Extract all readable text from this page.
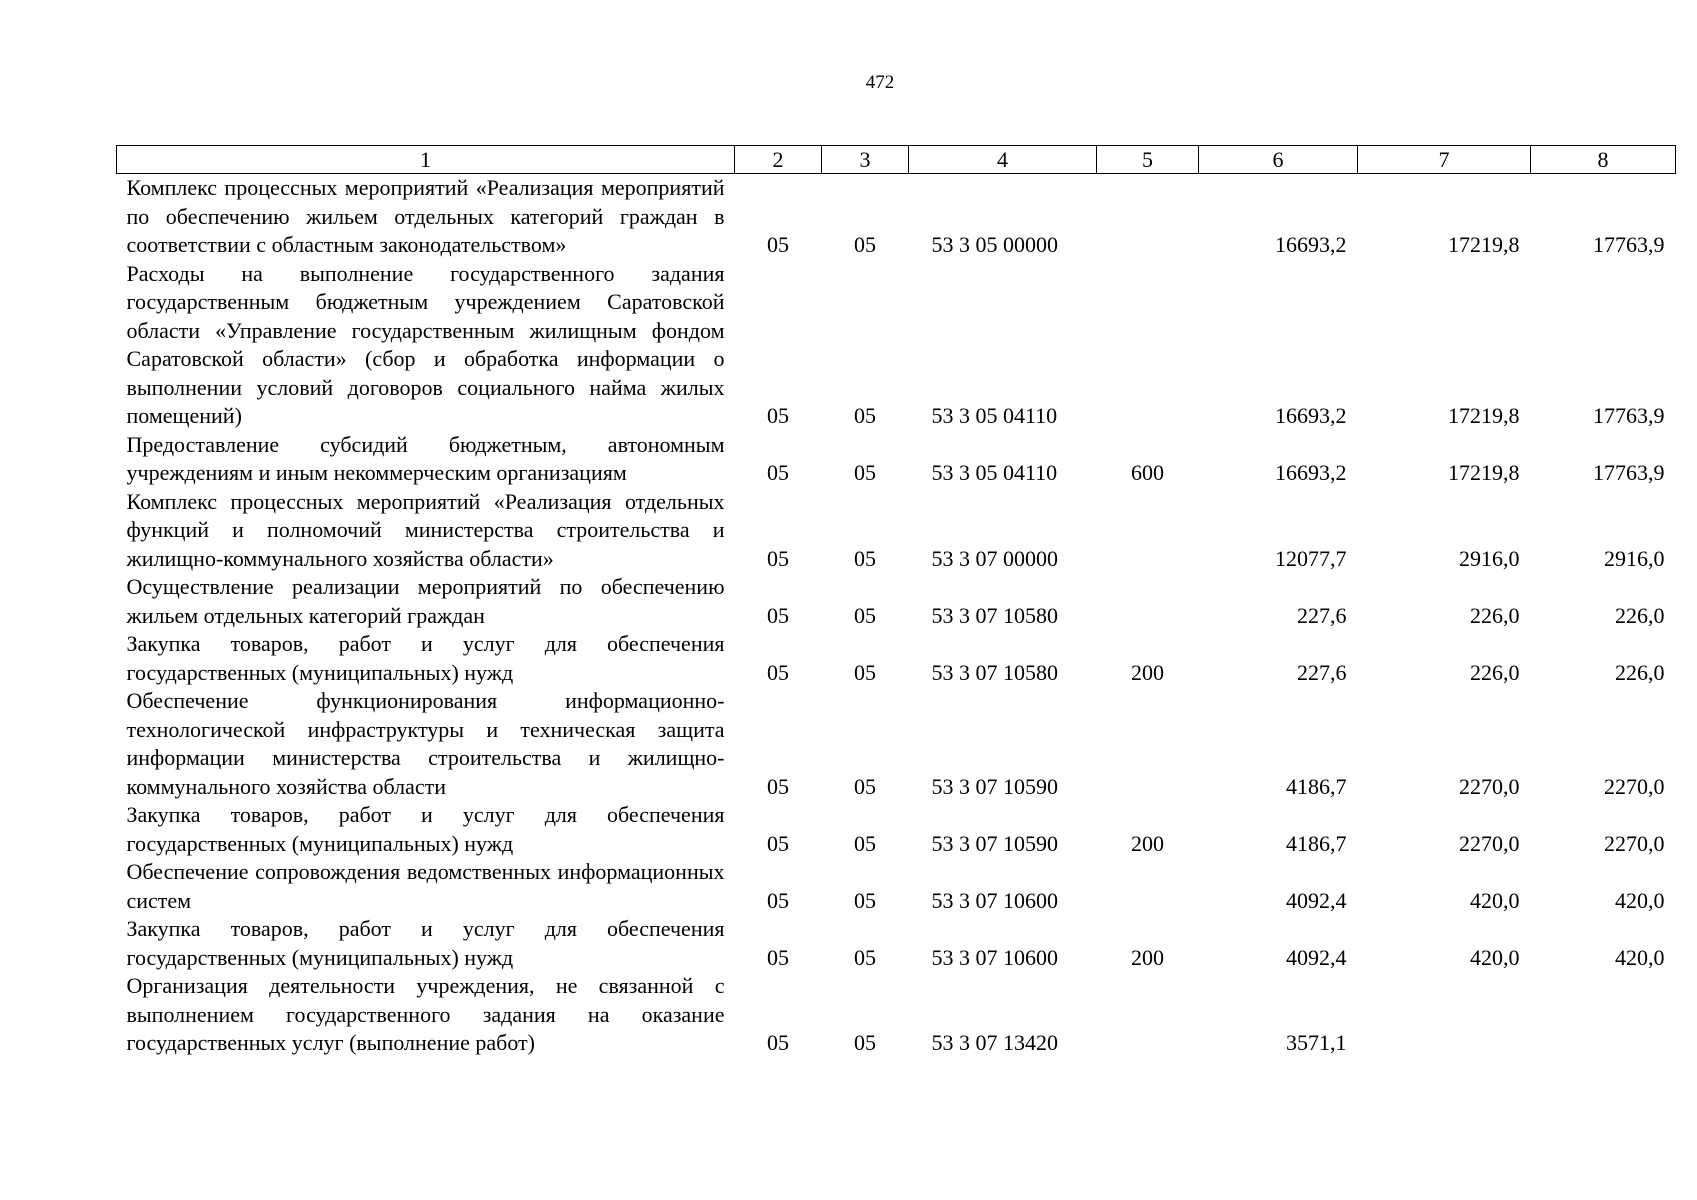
472
1	2	3	4	5	6	7	8
Комплекс процессных мероприятий «Реализация мероприятий по обеспечению жильем отдельных категорий граждан в соответствии с областным законодательством»	05	05	53 3 05 00000		16693,2	17219,8	17763,9
Расходы на выполнение государственного задания государственным бюджетным учреждением Саратовской области «Управление государственным жилищным фондом Саратовской области» (сбор и обработка информации о выполнении условий договоров социального найма жилых помещений)	05	05	53 3 05 04110		16693,2	17219,8	17763,9
Предоставление субсидий бюджетным, автономным учреждениям и иным некоммерческим организациям	05	05	53 3 05 04110	600	16693,2	17219,8	17763,9
Комплекс процессных мероприятий «Реализация отдельных функций и полномочий министерства строительства и жилищно-коммунального хозяйства области»	05	05	53 3 07 00000		12077,7	2916,0	2916,0
Осуществление реализации мероприятий по обеспечению жильем отдельных категорий граждан	05	05	53 3 07 10580		227,6	226,0	226,0
Закупка товаров, работ и услуг для обеспечения государственных (муниципальных) нужд	05	05	53 3 07 10580	200	227,6	226,0	226,0
Обеспечение функционирования информационно-технологической инфраструктуры и техническая защита информации министерства строительства и жилищно-коммунального хозяйства области	05	05	53 3 07 10590		4186,7	2270,0	2270,0
Закупка товаров, работ и услуг для обеспечения государственных (муниципальных) нужд	05	05	53 3 07 10590	200	4186,7	2270,0	2270,0
Обеспечение сопровождения ведомственных информационных систем	05	05	53 3 07 10600		4092,4	420,0	420,0
Закупка товаров, работ и услуг для обеспечения государственных (муниципальных) нужд	05	05	53 3 07 10600	200	4092,4	420,0	420,0
Организация деятельности учреждения, не связанной с выполнением государственного задания на оказание государственных услуг (выполнение работ)	05	05	53 3 07 13420		3571,1		
